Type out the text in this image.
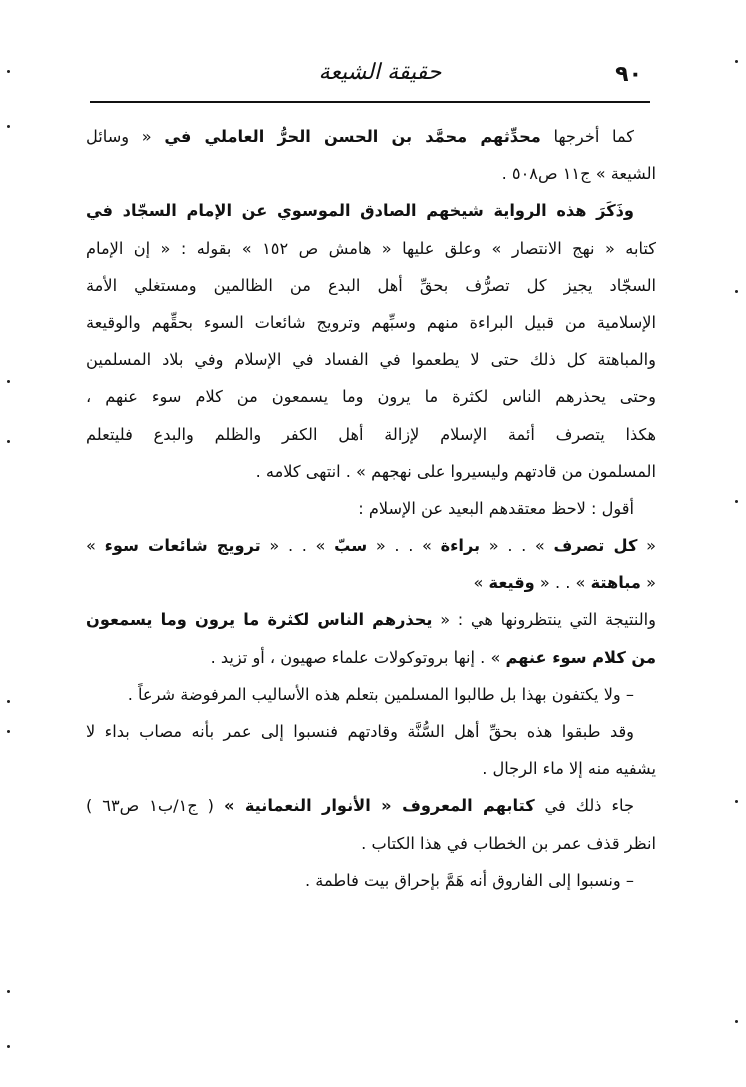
٩٠
حقيقة الشيعة
كما أخرجها محدِّثهم محمَّد بن الحسن الحرُّ العاملي في « وسائل
الشيعة » ج١١ ص٥٠٨ .
وذَكَرَ هذه الرواية شيخهم الصادق الموسوي عن الإمام السجّاد في
كتابه « نهج الانتصار » وعلق عليها « هامش ص ١٥٢ » بقوله : « إن الإمام
السجّاد يجيز كل تصرُّف بحقِّ أهل البدع من الظالمين ومستغلي الأمة
الإسلامية من قبيل البراءة منهم وسبِّهم وترويج شائعات السوء بحقِّهم والوقيعة
والمباهتة كل ذلك حتى لا يطعموا في الفساد في الإسلام وفي بلاد المسلمين
وحتى يحذرهم الناس لكثرة ما يرون وما يسمعون من كلام سوء عنهم ،
هكذا يتصرف أئمة الإسلام لإزالة أهل الكفر والظلم والبدع فليتعلم
المسلمون من قادتهم وليسيروا على نهجهم » . انتهى كلامه .
أقول : لاحظ معتقدهم البعيد عن الإسلام :
« كل تصرف » . . « براءة » . . « سبّ » . . « ترويج شائعات سوء »
« مباهتة » . . « وقيعة »
والنتيجة التي ينتظرونها هي : « يحذرهم الناس لكثرة ما يرون وما يسمعون
من كلام سوء عنهم » . إنها بروتوكولات علماء صهيون ، أو تزيد .
– ولا يكتفون بهذا بل طالبوا المسلمين بتعلم هذه الأساليب المرفوضة شرعاً .
وقد طبقوا هذه بحقِّ أهل السُّنَّة وقادتهم فنسبوا إلى عمر بأنه مصاب بداء لا
يشفيه منه إلا ماء الرجال .
جاء ذلك في كتابهم المعروف « الأنوار النعمانية » ( ج١/ب١ ص٦٣ )
انظر قذف عمر بن الخطاب في هذا الكتاب .
– ونسبوا إلى الفاروق أنه هَمَّ بإحراق بيت فاطمة .
